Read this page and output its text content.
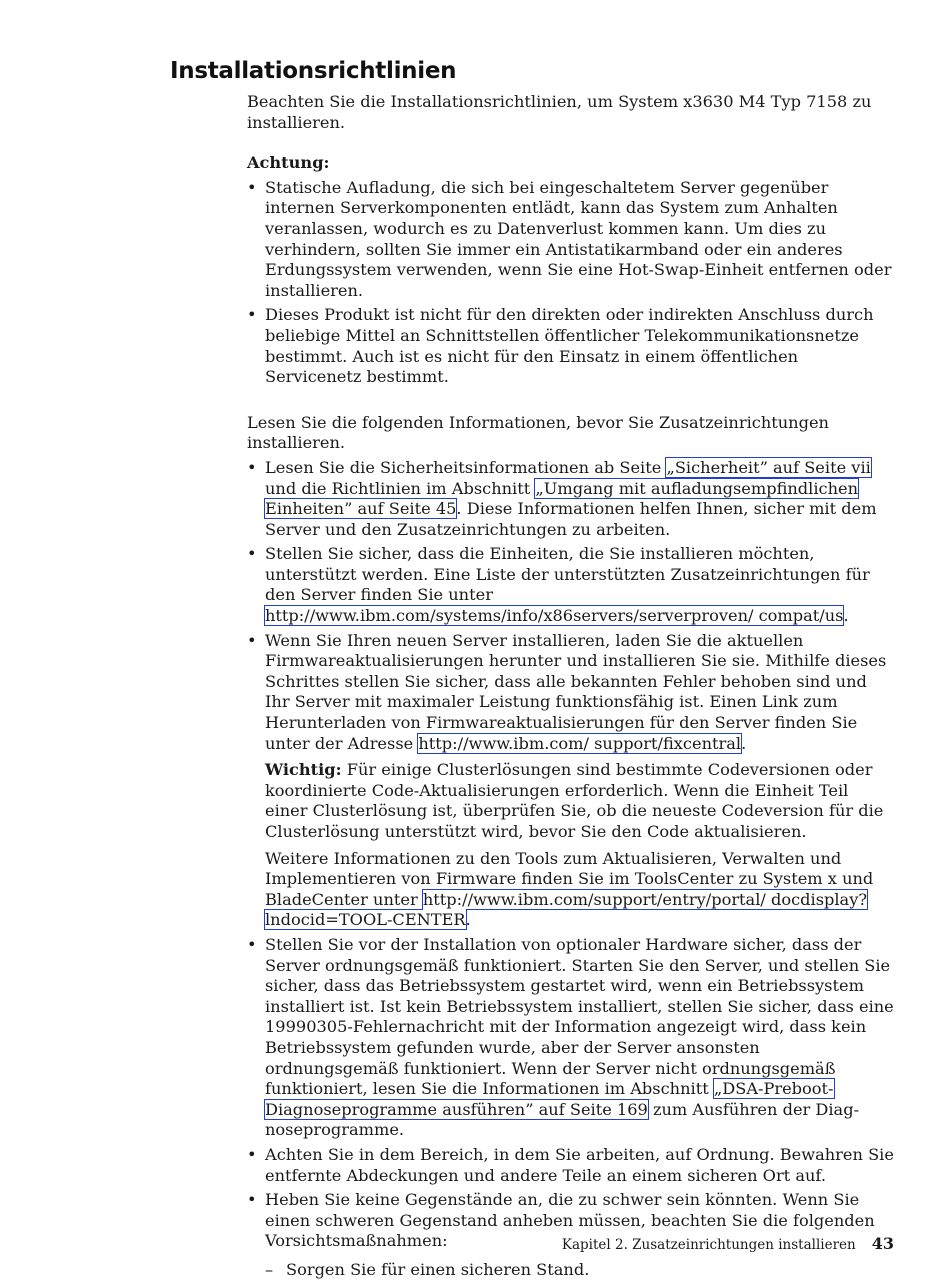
Installationsrichtlinien

Beachten Sie die Installationsrichtlinien, um System x3630 M4 Typ 7158 zu installieren.

Achtung:

• Statische Aufladung, die sich bei eingeschaltetem Server gegenüber internen Serverkomponenten entlädt, kann das System zum Anhalten veranlassen, wodurch es zu Datenverlust kommen kann. Um dies zu verhindern, sollten Sie immer ein Antistatikarmband oder ein anderes Erdungssystem verwenden, wenn Sie eine Hot-Swap-Einheit entfernen oder installieren.
• Dieses Produkt ist nicht für den direkten oder indirekten Anschluss durch beliebige Mittel an Schnittstellen öffentlicher Telekommunikationsnetze bestimmt. Auch ist es nicht für den Einsatz in einem öffentlichen Servicenetz bestimmt.

Lesen Sie die folgenden Informationen, bevor Sie Zusatzeinrichtungen installieren.

• Lesen Sie die Sicherheitsinformationen ab Seite „Sicherheit” auf Seite vii und die Richtlinien im Abschnitt „Umgang mit aufladungsempfindlichen Einheiten” auf Seite 45. Diese Informationen helfen Ihnen, sicher mit dem Server und den Zusatzeinrichtungen zu arbeiten.
• Stellen Sie sicher, dass die Einheiten, die Sie installieren möchten, unterstützt werden. Eine Liste der unterstützten Zusatzeinrichtungen für den Server finden Sie unter http://www.ibm.com/systems/info/x86servers/serverproven/ compat/us.

• Wenn Sie Ihren neuen Server installieren, laden Sie die aktuellen Firmwareaktualisierungen herunter und installieren Sie sie. Mithilfe dieses Schrittes stellen Sie sicher, dass alle bekannten Fehler behoben sind und Ihr Server mit maximaler Leistung funktionsfähig ist. Einen Link zum Herunterladen von Firmwareaktualisierungen für den Server finden Sie unter der Adresse http://www.ibm.com/ support/fixcentral.

Wichtig: Für einige Clusterlösungen sind bestimmte Codeversionen oder koordinierte Code-Aktualisierungen erforderlich. Wenn die Einheit Teil einer Clusterlösung ist, überprüfen Sie, ob die neueste Codeversion für die Clusterlösung unterstützt wird, bevor Sie den Code aktualisieren.

Weitere Informationen zu den Tools zum Aktualisieren, Verwalten und Implementieren von Firmware finden Sie im ToolsCenter zu System x und BladeCenter unter http://www.ibm.com/support/entry/portal/ docdisplay?lndocid=TOOL-CENTER.

• Stellen Sie vor der Installation von optionaler Hardware sicher, dass der Server ordnungsgemäß funktioniert. Starten Sie den Server, und stellen Sie sicher, dass das Betriebssystem gestartet wird, wenn ein Betriebssystem installiert ist. Ist kein Betriebssystem installiert, stellen Sie sicher, dass eine 19990305-Fehlernachricht mit der Information angezeigt wird, dass kein Betriebssystem gefunden wurde, aber der Server ansonsten ordnungsgemäß funktioniert. Wenn der Server nicht ordnungsgemäß funktioniert, lesen Sie die Informationen im Abschnitt „DSA-Preboot-Diagnoseprogramme ausführen” auf Seite 169 zum Ausführen der Diagnoseprogramme.
• Achten Sie in dem Bereich, in dem Sie arbeiten, auf Ordnung. Bewahren Sie entfernte Abdeckungen und andere Teile an einem sicheren Ort auf.

• Heben Sie keine Gegenstände an, die zu schwer sein könnten. Wenn Sie einen schweren Gegenstand anheben müssen, beachten Sie die folgenden Vorsichtsmaßnahmen:

– Sorgen Sie für einen sicheren Stand.
Kapitel 2. Zusatzeinrichtungen installieren 43
